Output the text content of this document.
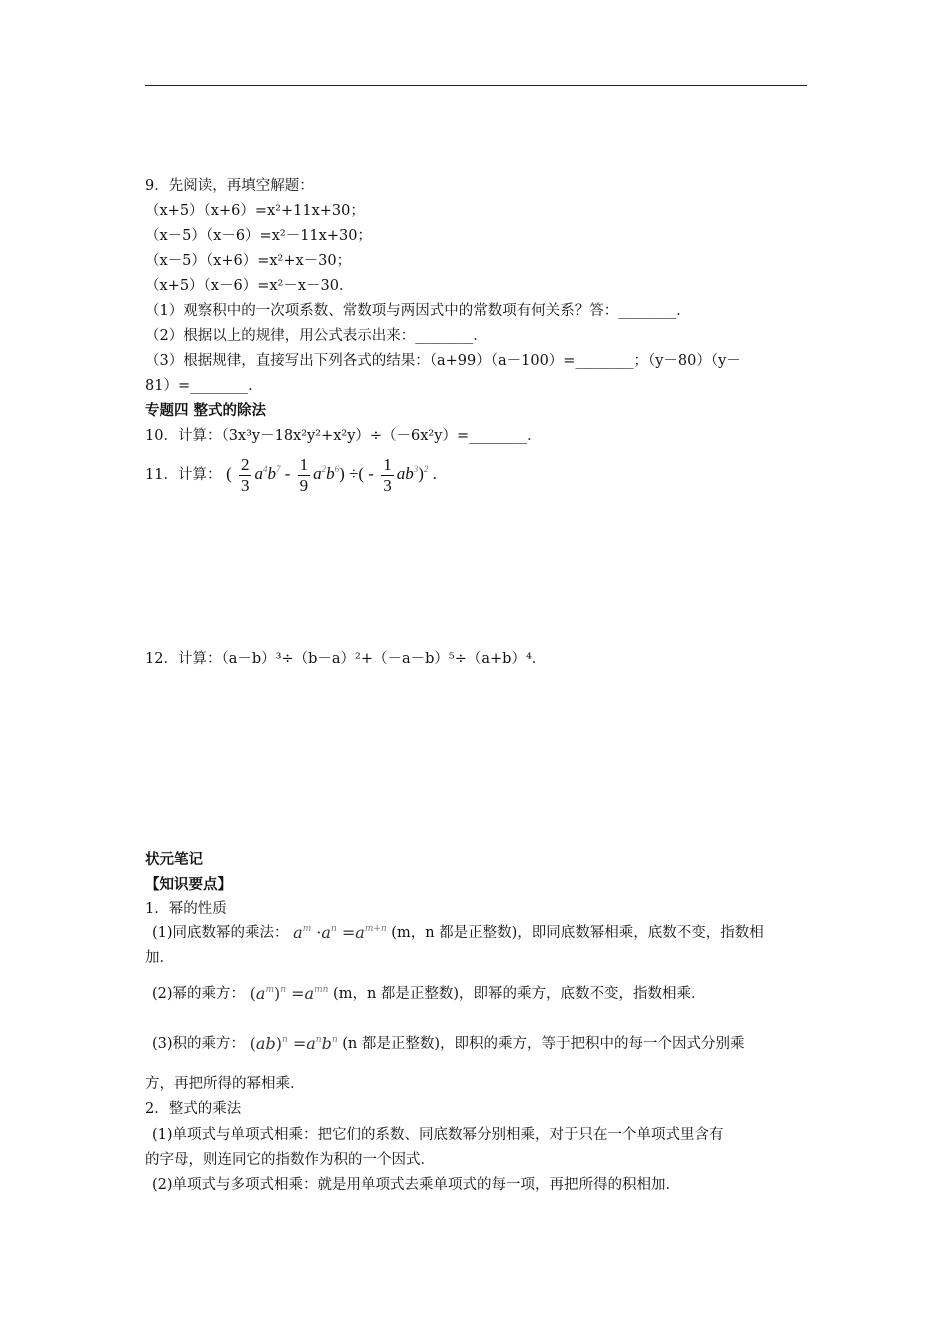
9．先阅读，再填空解题：
（x+5）（x+6）=x²+11x+30；
（x－5）（x－6）=x²－11x+30；
（x－5）（x+6）=x²+x－30；
（x+5）（x－6）=x²－x－30．
（1）观察积中的一次项系数、常数项与两因式中的常数项有何关系？答：________．
（2）根据以上的规律，用公式表示出来：________．
（3）根据规律，直接写出下列各式的结果：（a+99）（a－100）=________；（y－80）（y－
81）=________．
专题四 整式的除法
10．计算：（3x³y－18x²y²+x²y）÷（－6x²y）=________．
11．计算： ( $\frac{2}{3} a^4b^7 - \frac{1}{9} a^2b^6$) ÷( - $\frac{1}{3} ab^3)^2$ .
12．计算：（a－b）³÷（b－a）²+（－a－b）⁵÷（a+b）⁴．
状元笔记
【知识要点】
1．幂的性质
(1)同底数幂的乘法： $a^m \cdot a^n =a^{m+n}$ (m，n 都是正整数)，即同底数幂相乘，底数不变，指数相
加．
(2)幂的乘方： $(a^m)^n =a^{mn}$ (m，n 都是正整数)，即幂的乘方，底数不变，指数相乘．
(3)积的乘方： $(ab)^n =a^nb^n$ (n 都是正整数)，即积的乘方，等于把积中的每一个因式分别乘
方，再把所得的幂相乘．
2．整式的乘法
(1)单项式与单项式相乘：把它们的系数、同底数幂分别相乘，对于只在一个单项式里含有
的字母，则连同它的指数作为积的一个因式．
(2)单项式与多项式相乘：就是用单项式去乘单项式的每一项，再把所得的积相加．
